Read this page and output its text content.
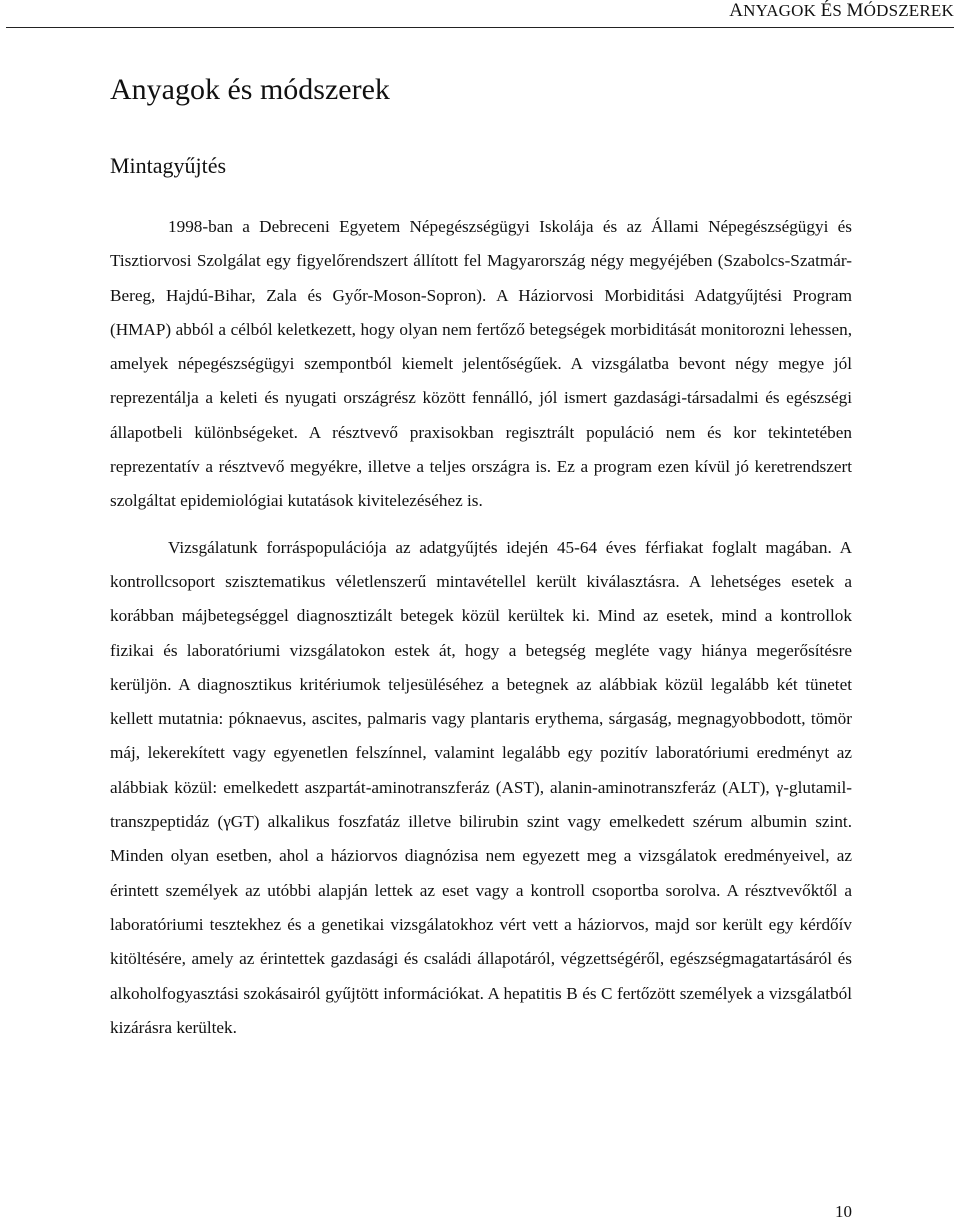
ANYAGOK ÉS MÓDSZEREK
Anyagok és módszerek
Mintagyűjtés

1998-ban a Debreceni Egyetem Népegészségügyi Iskolája és az Állami Népegészségügyi és Tisztiorvosi Szolgálat egy figyelőrendszert állított fel Magyarország négy megyéjében (Szabolcs-Szatmár-Bereg, Hajdú-Bihar, Zala és Győr-Moson-Sopron). A Háziorvosi Morbiditási Adatgyűjtési Program (HMAP) abból a célból keletkezett, hogy olyan nem fertőző betegségek morbiditását monitorozni lehessen, amelyek népegészségügyi szempontból kiemelt jelentőségűek. A vizsgálatba bevont négy megye jól reprezentálja a keleti és nyugati országrész között fennálló, jól ismert gazdasági-társadalmi és egészségi állapotbeli különbségeket. A résztvevő praxisokban regisztrált populáció nem és kor tekintetében reprezentatív a résztvevő megyékre, illetve a teljes országra is. Ez a program ezen kívül jó keretrendszert szolgáltat epidemiológiai kutatások kivitelezéséhez is.

Vizsgálatunk forráspopulációja az adatgyűjtés idején 45-64 éves férfiakat foglalt magában. A kontrollcsoport szisztematikus véletlenszerű mintavétellel került kiválasztásra. A lehetséges esetek a korábban májbetegséggel diagnosztizált betegek közül kerültek ki. Mind az esetek, mind a kontrollok fizikai és laboratóriumi vizsgálatokon estek át, hogy a betegség megléte vagy hiánya megerősítésre kerüljön. A diagnosztikus kritériumok teljesüléséhez a betegnek az alábbiak közül legalább két tünetet kellett mutatnia: póknaevus, ascites, palmaris vagy plantaris erythema, sárgaság, megnagyobbodott, tömör máj, lekerekített vagy egyenetlen felszínnel, valamint legalább egy pozitív laboratóriumi eredményt az alábbiak közül: emelkedett aszpartát-aminotranszferáz (AST), alanin-aminotranszferáz (ALT), γ-glutamil-transzpeptidáz (γGT) alkalikus foszfatáz illetve bilirubin szint vagy emelkedett szérum albumin szint. Minden olyan esetben, ahol a háziorvos diagnózisa nem egyezett meg a vizsgálatok eredményeivel, az érintett személyek az utóbbi alapján lettek az eset vagy a kontroll csoportba sorolva. A résztvevőktől a laboratóriumi tesztekhez és a genetikai vizsgálatokhoz vért vett a háziorvos, majd sor került egy kérdőív kitöltésére, amely az érintettek gazdasági és családi állapotáról, végzettségéről, egészségmagatartásáról és alkoholfogyasztási szokásairól gyűjtött információkat. A hepatitis B és C fertőzött személyek a vizsgálatból kizárásra kerültek.

10
